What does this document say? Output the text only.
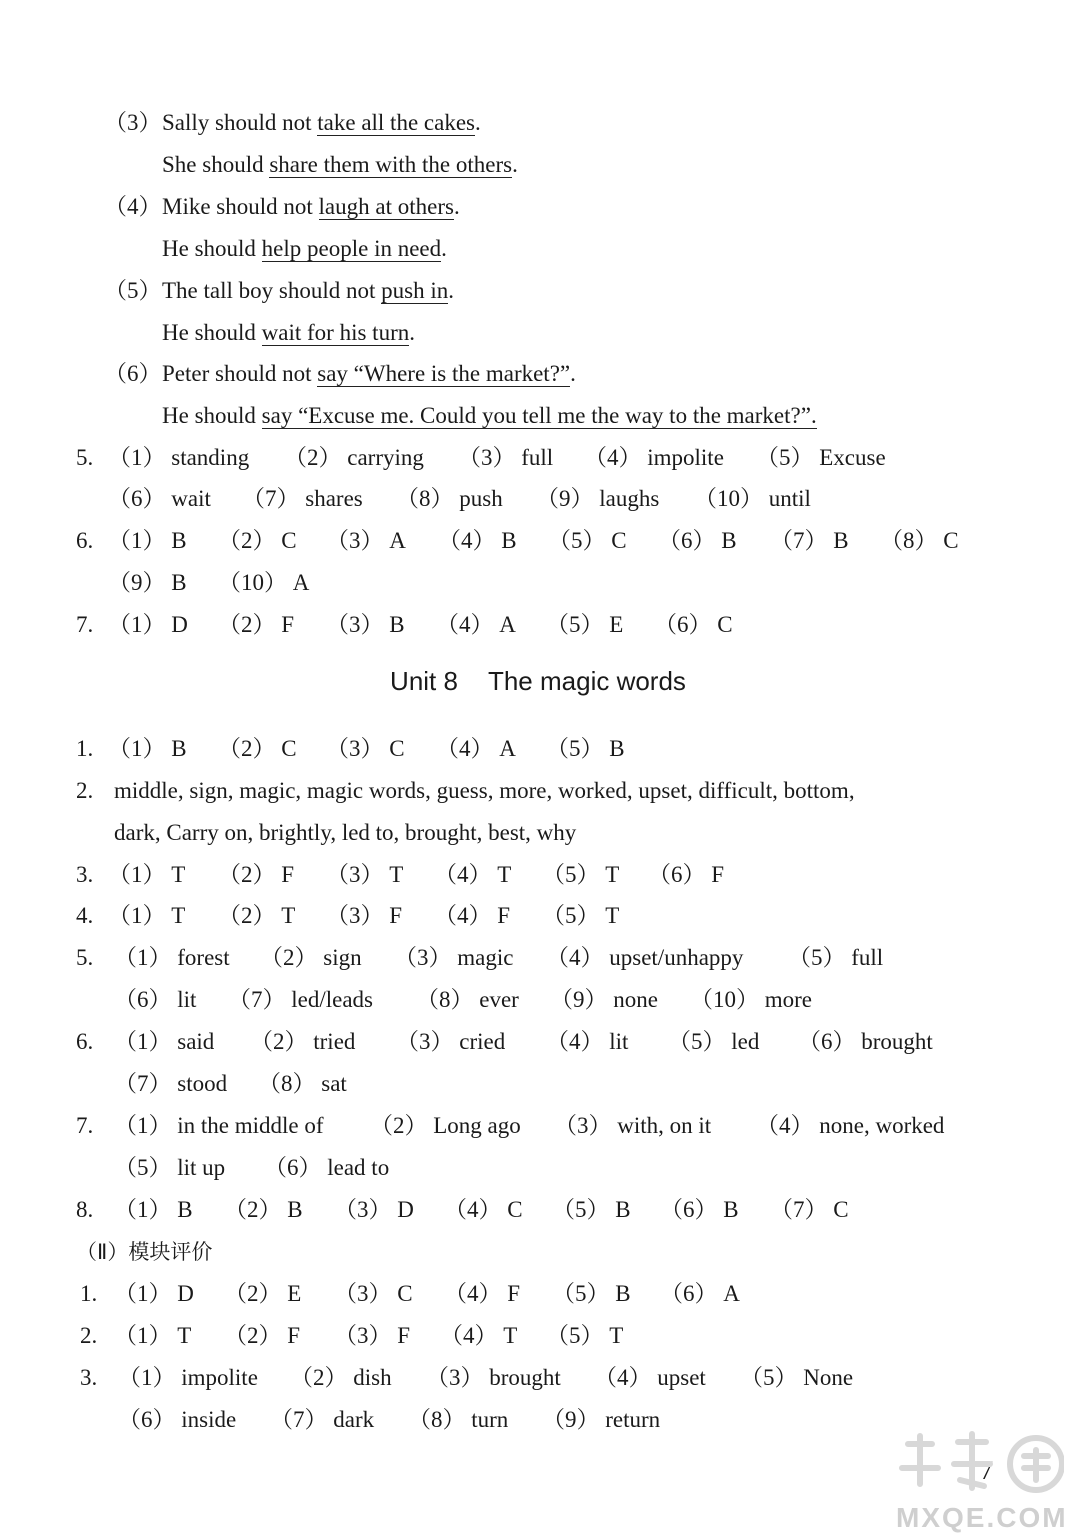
（3） Sally should not take all the cakes.
She should share them with the others.
（4） Mike should not laugh at others.
He should help people in need.
（5） The tall boy should not push in.
He should wait for his turn.
（6） Peter should not say “Where is the market?”.
He should say “Excuse me. Could you tell me the way to the market?”.
5. （1） standing （2） carrying （3） full （4） impolite （5） Excuse
（6） wait （7） shares （8） push （9） laughs （10） until
6. （1） B （2） C （3） A （4） B （5） C （6） B （7） B （8） C
（9） B （10） A
7. （1） D （2） F （3） B （4） A （5） E （6） C
Unit 8 The magic words
1. （1） B （2） C （3） C （4） A （5） B
2. middle, sign, magic, magic words, guess, more, worked, upset, difficult, bottom,
dark, Carry on, brightly, led to, brought, best, why
3. （1） T （2） F （3） T （4） T （5） T （6） F
4. （1） T （2） T （3） F （4） F （5） T
5. （1） forest （2） sign （3） magic （4） upset/unhappy （5） full
（6） lit （7） led/leads （8） ever （9） none （10） more
6. （1） said （2） tried （3） cried （4） lit （5） led （6） brought
（7） stood （8） sat
7. （1） in the middle of （2） Long ago （3） with, on it （4） none, worked
（5） lit up （6） lead to
8. （1） B （2） B （3） D （4） C （5） B （6） B （7） C
（Ⅱ）模块评价
1. （1） D （2） E （3） C （4） F （5） B （6） A
2. （1） T （2） F （3） F （4） T （5） T
3. （1） impolite （2） dish （3） brought （4） upset （5） None
（6） inside （7） dark （8） turn （9） return
7
MXQE.COM
